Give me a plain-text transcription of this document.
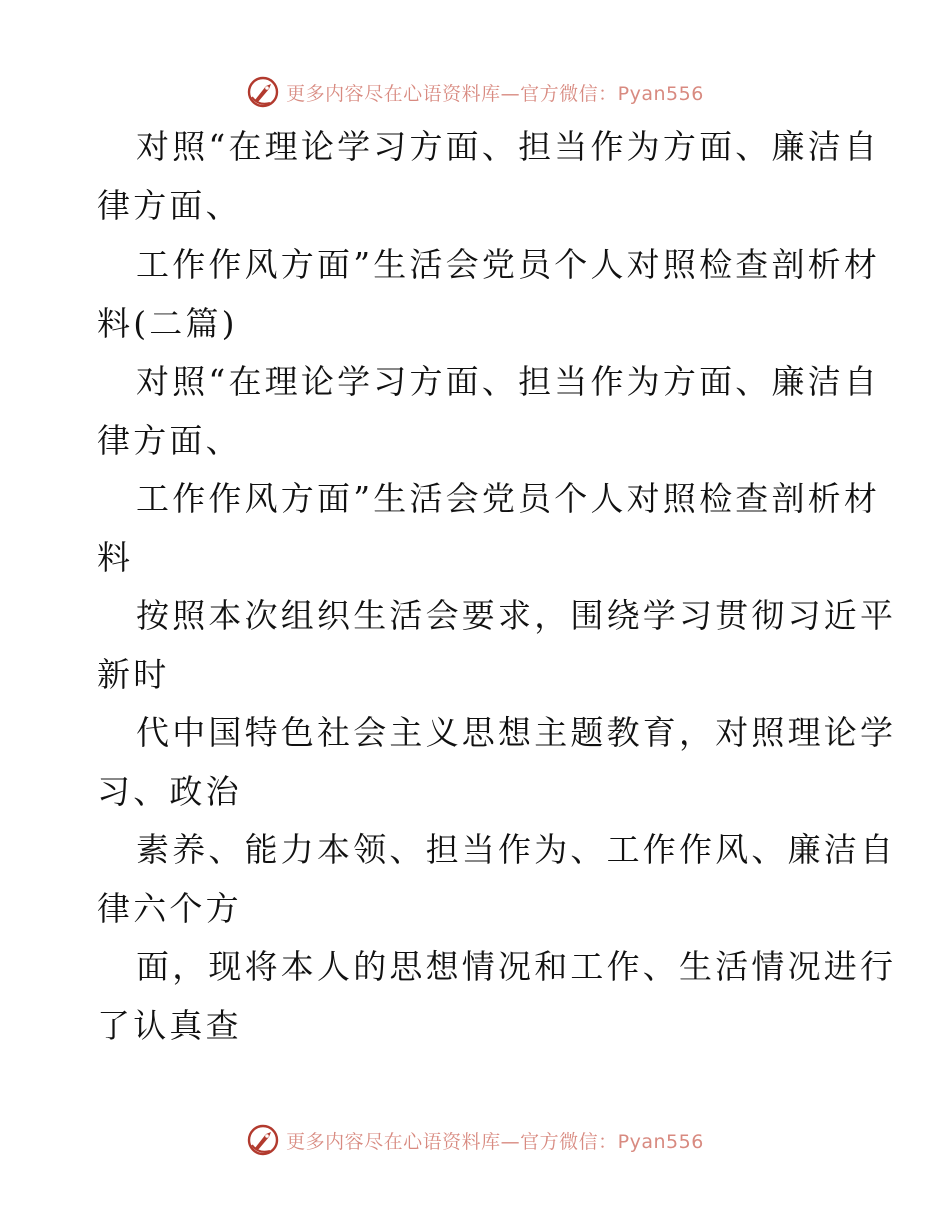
更多内容尽在心语资料库—官方微信：Pyan556
对照“在理论学习方面、担当作为方面、廉洁自
律方面、
工作作风方面”生活会党员个人对照检查剖析材
料(二篇)
对照“在理论学习方面、担当作为方面、廉洁自
律方面、
工作作风方面”生活会党员个人对照检查剖析材
料
按照本次组织生活会要求，围绕学习贯彻习近平
新时
代中国特色社会主义思想主题教育，对照理论学
习、政治
素养、能力本领、担当作为、工作作风、廉洁自
律六个方
面，现将本人的思想情况和工作、生活情况进行
了认真查
更多内容尽在心语资料库—官方微信：Pyan556
